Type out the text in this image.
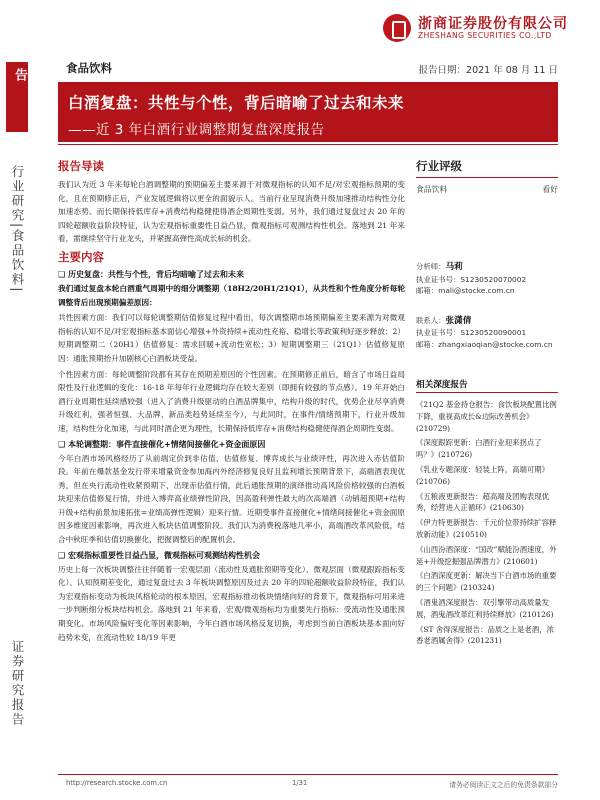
浙商证券股份有限公司
ZHESHANG SECURITIES CO.,LTD
深度报告
行业研究|食品饮料|
证券研究报告
食品饮料	报告日期：2021 年 08 月 11 日
白酒复盘：共性与个性，背后暗喻了过去和未来
——近 3 年白酒行业调整期复盘深度报告
报告导读

我们认为近 3 年来每轮白酒调整期的预期偏差主要来源于对微观指标的认知不足/对宏观指标预期的变化，且在预期修正后，产业发展逻辑将以更全的面貌示人。当前行业呈现消费升级加速推动结构性分化加速态势。而长期保持低库存+消费结构稳健使得酒企周期性变弱。另外，我们通过复盘过去 20 年的四轮超额收益阶段特征，认为宏观指标重要性日益凸显，微观指标可观测结构性机会。落地到 21 年来看，需继续坚守行业龙头，并紧握高弹性高成长标的机会。

主要内容
❑ 历史复盘：共性与个性，背后均暗喻了过去和未来

我们通过复盘本轮白酒重气周期中的细分调整期（18H2/20H1/21Q1），从共性和个性角度分析每轮调整背后出现预期偏差原因：

共性因素方面：我们可以每轮调整期估值修复过程中看出，每次调整期市场预期偏差主要来源为对微观指标的认知不足/对宏观指标基本面信心增强+外资持续+流动性充裕、稳增长等政策利好逐步释放；2）短期调整期二（20H1）估值修复：需求回暖+流动性宽松；3）短期调整期三（21Q1）估值修复原因：通胀预期抬升加剧核心白酒板块受益。

个性因素方面：每轮调整阶段都有其存在预期差原因的个性因素。在预期修正前后，暗含了市场日益局限性及行业逻辑的变化：16-18 年每年行业逻辑均存在较大差别（即拥有较强的节点感）。19 年开始白酒行业周期性延续感较强（进入了消费升级驱动的白酒品牌集中，结构升级的时代，优势企业尽享消费升级红利，强者恒强、大品牌、新品类趋势延续至今），与此同时，在事件/情绪预期下，行业升级加速，结构性分化加速，与此同时酒企更为理性，长期保持低库存+消费结构稳健使得酒企周期性变弱。

❑ 本轮调整期：事件直接催化+情绪间接催化+资金面原因

今年白酒市场风格经历了从前端定价到非估值、估值修复、博弈成长与业绩评性，再次进入赤估值阶段。年前在爆款基金发行带来增量资金参加海内外经济修复良好且监利增长预期背景下，高端酒表现优秀，但在央行流动性收紧预期下，出现赤估值行情，此后通胀预期的演绎推动高风险价格较强的白酒板块迎来估值修复行情，并进入博弈高业绩弹性阶段，因高盈利弹性最大的次高端酒（动销超预期+结构升级+结构前景加速拓张=业绩高弹性逻辑）迎来行情。近期受事件直接催化+情绪间接催化+资金面原因多维度因素影响，再次进入板块估值调整阶段。我们认为消费税落地几率小，高端酒改革风险低，结合中秋旺季和估值切换催化，把握调整后的配置机会。

❑ 宏观指标重要性日益凸显，微观指标可观测结构性机会

历史上每一次板块调整往往伴随着一宏观层面（流动性及通胀预期等变化）、微观层面（微观跟踪指标变化）、认知预期差变化，通过复盘过去 3 年板块调整原因及过去 20 年的四轮超额收益阶段特征，我们认为宏观指标变动为板块风格轮动的根本原因，宏观指标推动板块情绪向好的背景下，微观指标可用来进一步判断细分板块结构机会。落地到 21 年来看，宏观/微观指标均为重要先行指标：受流动性及通胀预期变化、市场风险偏好变化等因素影响，今年白酒市场风格反复切换，考虑到当前白酒板块基本面向好趋势未变，在流动性较 18/19 年更

行业评级
食品饮料	看好
分析师：马莉
执业证书号：S1230520070002
邮箱：mali@stocke.com.cn
联系人：张潇倩
执业证书号：S1230520090001
邮箱：zhangxiaoqian@stocke.com.cn
相关深度报告
《21Q2 基金持仓报告：食饮板块配置比例下降，重视高成长&边际改善机会》(210729)
《深度跟踪更新：白酒行业迎来拐点了吗？》(210726)
《乳业专题深度：轻装上阵，高端可期》(210706)
《五粮液更新报告：超高端及团购表现优秀，经营进入正循环》(210630)
《伊力特更新报告：千元价位带持续扩容释放新动能》(210510)
《山西汾酒深度：“国改”赋能汾酒速度，外延+升级挖掘强品牌潜力》(210601)
《白酒深度更新：解决当下白酒市场的重要的三个问题》(210324)
《酒鬼酒深度报告：双引擎带动高质量发展，酒鬼酒改革红利持续释放》(210126)
《ST 舍得深度报告：品质之上是老酒，浓香老酒属舍得》(201231)
http://research.stocke.com.cn	1/31	请务必阅读正文之后的免责条款部分
